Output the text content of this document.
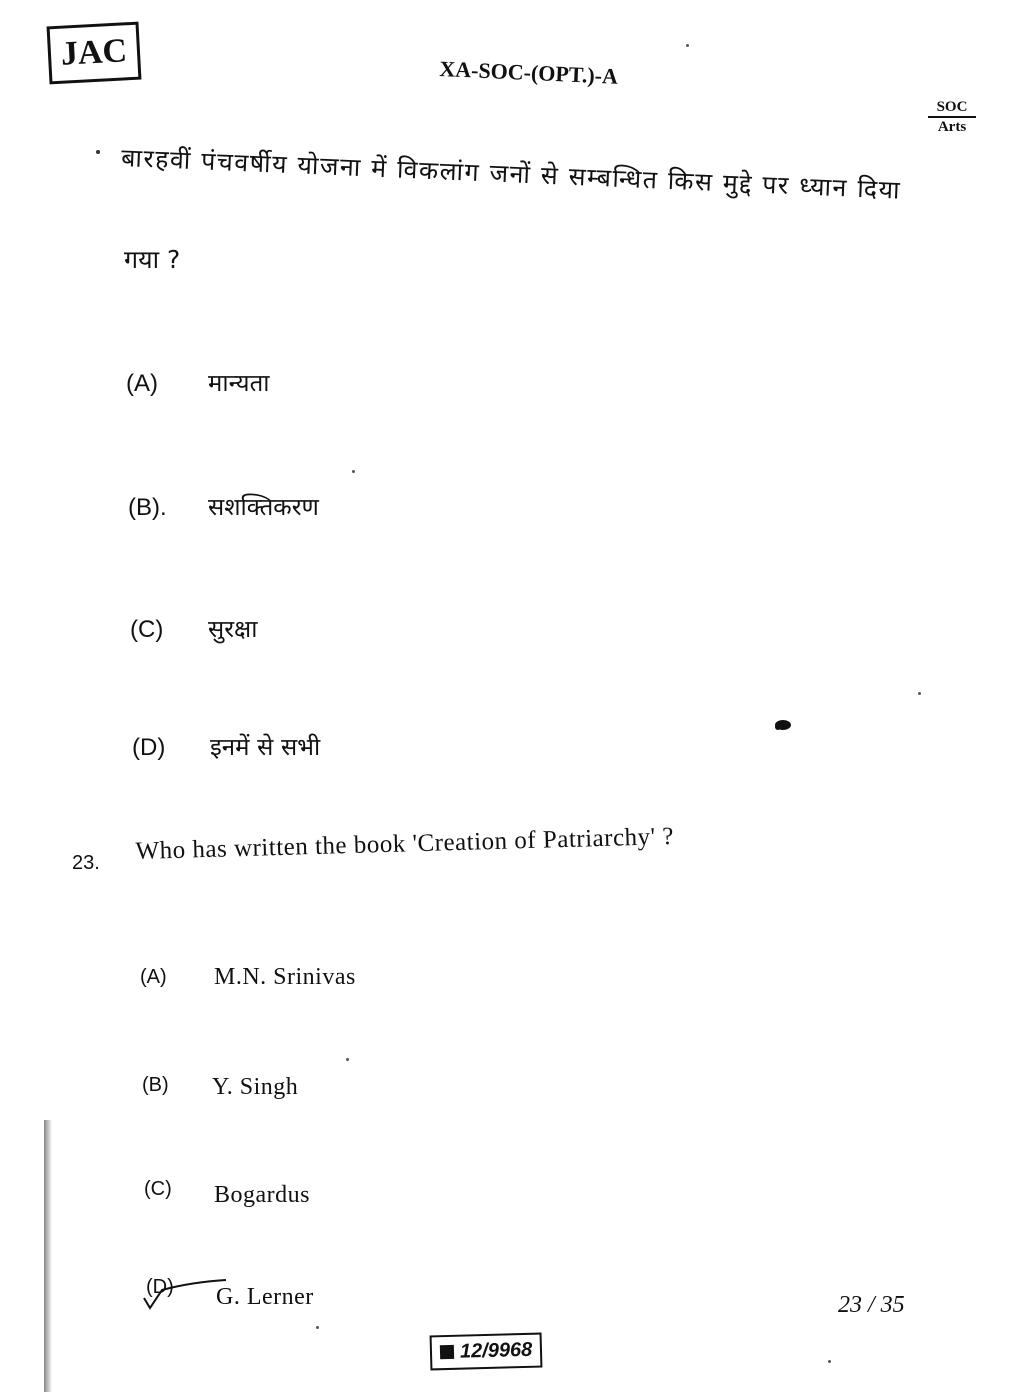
JAC	XA-SOC-(OPT.)-A
SOC
Arts
बारहवीं पंचवर्षीय योजना में विकलांग जनों से सम्बन्धित किस मुद्दे पर ध्यान दिया
गया ?
(A) मान्यता
(B). सशक्तिकरण
(C) सुरक्षा
(D) इनमें से सभी
23. Who has written the book 'Creation of Patriarchy' ?
(A) M.N. Srinivas
(B) Y. Singh
(C) Bogardus
(D) G. Lerner	23 / 35
12/9968
